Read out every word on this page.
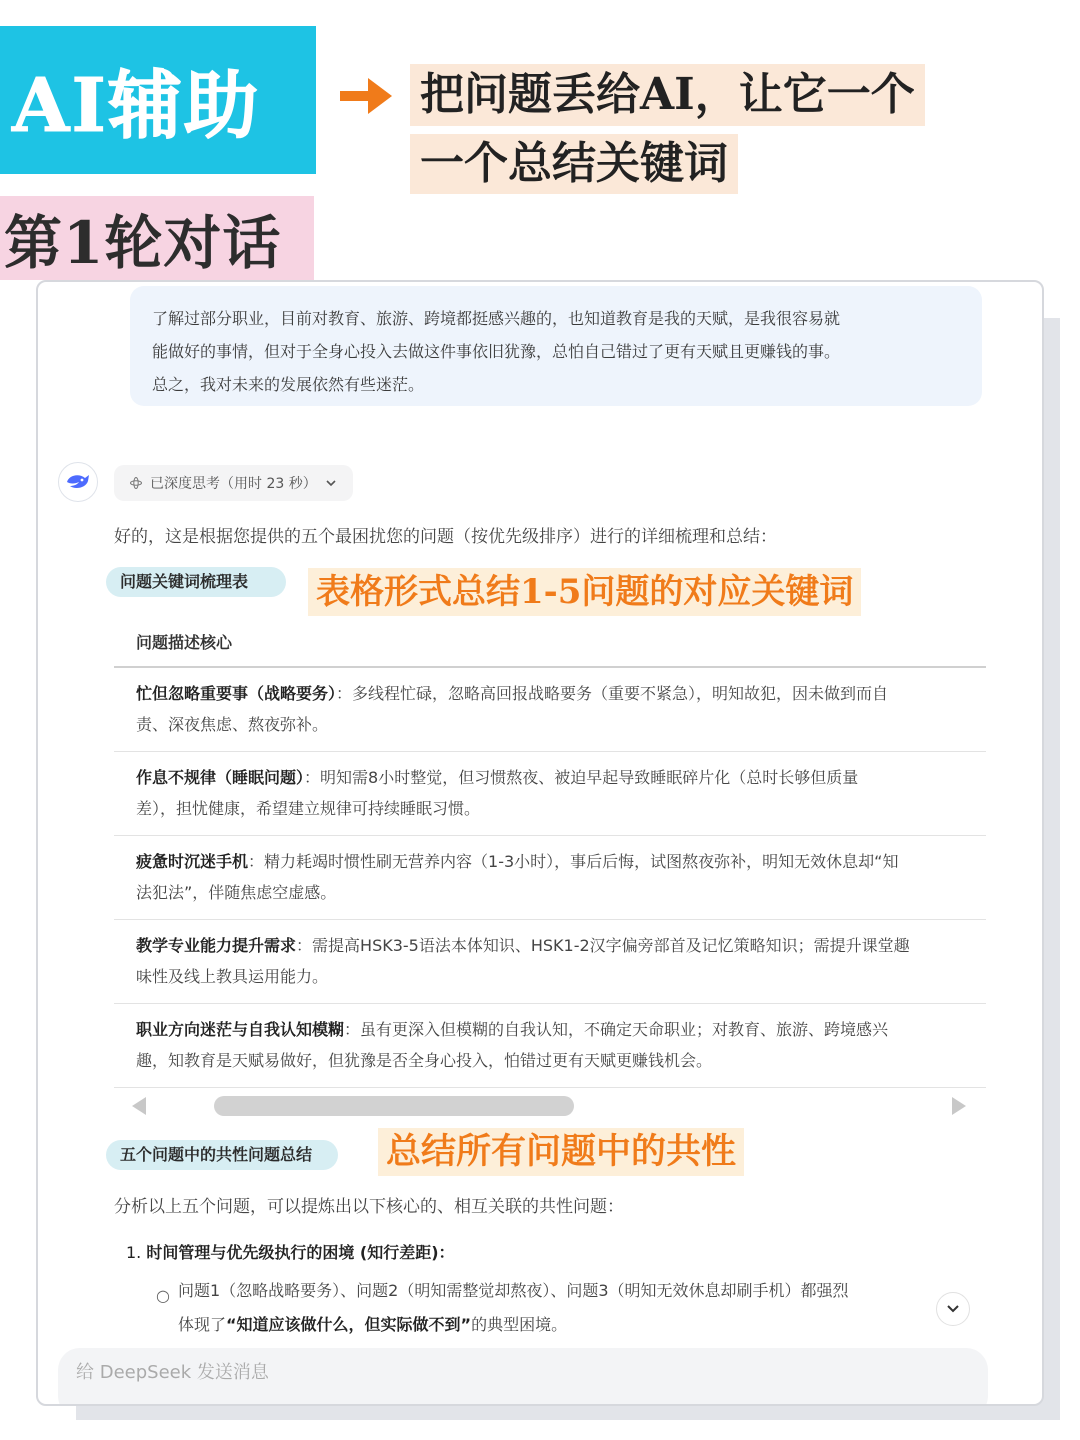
AI辅助
第1轮对话
把问题丢给AI，让它一个
一个总结关键词

了解过部分职业，目前对教育、旅游、跨境都挺感兴趣的，也知道教育是我的天赋，是我很容易就

能做好的事情，但对于全身心投入去做这件事依旧犹豫，总怕自己错过了更有天赋且更赚钱的事。

总之，我对未来的发展依然有些迷茫。

已深度思考（用时 23 秒）
好的，这是根据您提供的五个最困扰您的问题（按优先级排序）进行的详细梳理和总结：
问题关键词梳理表	表格形式总结1-5问题的对应关键词
问题描述核心
忙但忽略重要事（战略要务）：多线程忙碌，忽略高回报战略要务（重要不紧急），明知故犯，因未做到而自
责、深夜焦虑、熬夜弥补。
作息不规律（睡眠问题）：明知需8小时整觉，但习惯熬夜、被迫早起导致睡眠碎片化（总时长够但质量
差），担忧健康，希望建立规律可持续睡眠习惯。
疲惫时沉迷手机：精力耗竭时惯性刷无营养内容（1-3小时），事后后悔，试图熬夜弥补，明知无效休息却“知
法犯法”，伴随焦虑空虚感。
教学专业能力提升需求：需提高HSK3-5语法本体知识、HSK1-2汉字偏旁部首及记忆策略知识；需提升课堂趣
味性及线上教具运用能力。
职业方向迷茫与自我认知模糊：虽有更深入但模糊的自我认知，不确定天命职业；对教育、旅游、跨境感兴
趣，知教育是天赋易做好，但犹豫是否全身心投入，怕错过更有天赋更赚钱机会。
五个问题中的共性问题总结	总结所有问题中的共性
分析以上五个问题，可以提炼出以下核心的、相互关联的共性问题：
1. 时间管理与优先级执行的困境 (知行差距)：
○ 问题1（忽略战略要务）、问题2（明知需整觉却熬夜）、问题3（明知无效休息却刷手机）都强烈
体现了“知道应该做什么，但实际做不到”的典型困境。
给 DeepSeek 发送消息
